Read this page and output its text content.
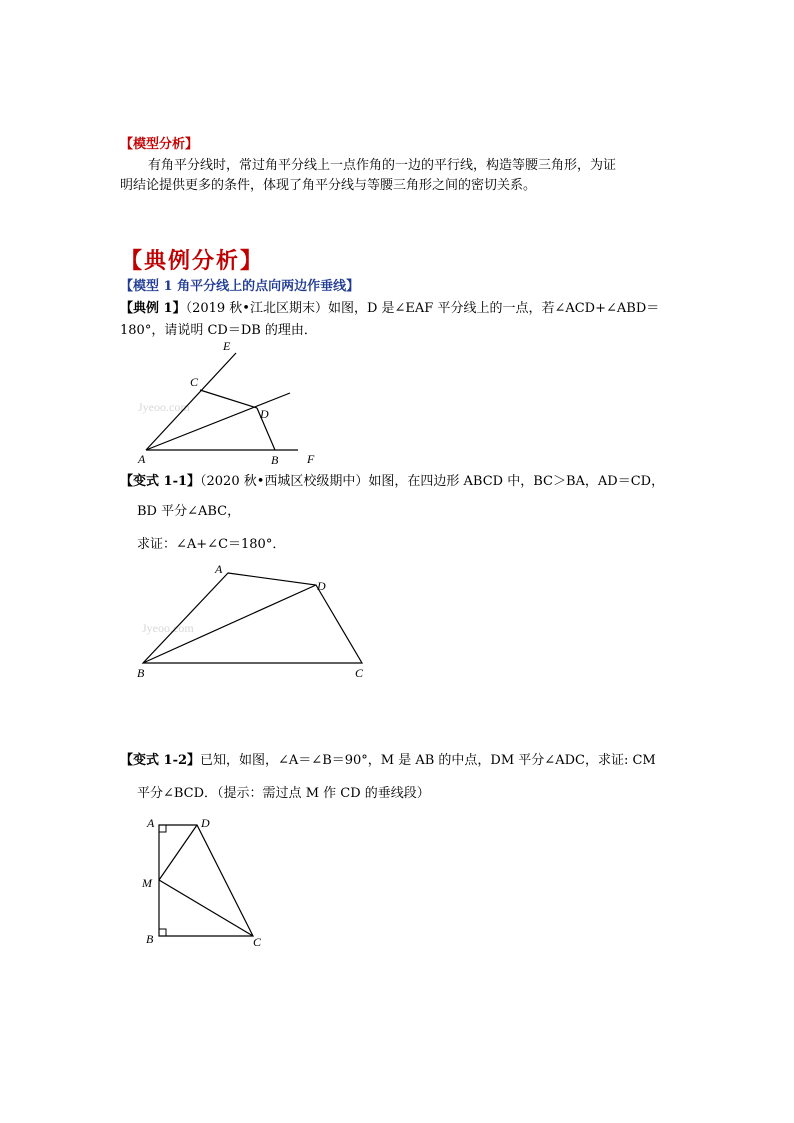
【模型分析】
有角平分线时，常过角平分线上一点作角的一边的平行线，构造等腰三角形，为证
明结论提供更多的条件，体现了角平分线与等腰三角形之间的密切关系。
【典例分析】
【模型 1 角平分线上的点向两边作垂线】
【典例 1】（2019 秋•江北区期末）如图，D 是∠EAF 平分线上的一点，若∠ACD+∠ABD＝
180°，请说明 CD＝DB 的理由．
Jyeoo.com
E
C
D
A	B F
【变式 1-1】（2020 秋•西城区校级期中）如图，在四边形 ABCD 中，BC＞BA，AD＝CD，
BD 平分∠ABC，
求证：∠A+∠C＝180°．
Jyeoo.com
A
D
B	C
【变式 1-2】已知，如图，∠A＝∠B＝90°，M 是 AB 的中点，DM 平分∠ADC，求证: CM
平分∠BCD．（提示：需过点 M 作 CD 的垂线段）
A	D
M
B	C
